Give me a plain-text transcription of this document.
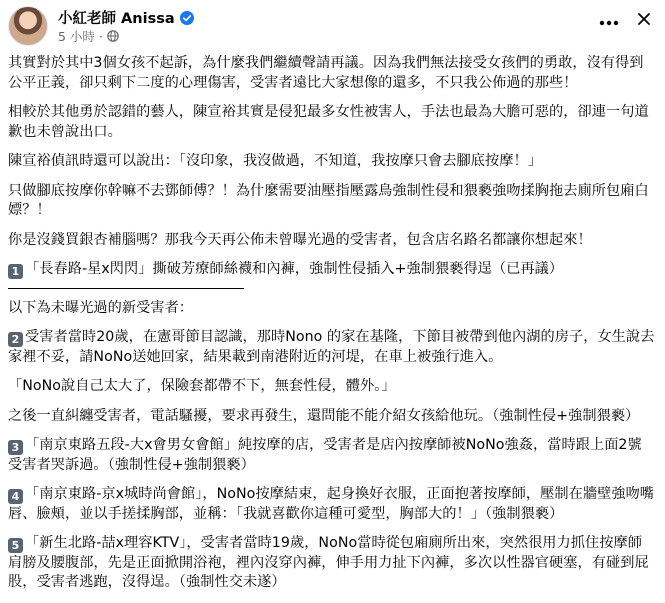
小紅老師 Anissa
5 小時 ·

其實對於其中3個女孩不起訴，為什麼我們繼續聲請再議。因為我們無法接受女孩們的勇敢，沒有得到公平正義，卻只剩下二度的心理傷害，受害者遠比大家想像的還多，不只我公佈過的那些！

相較於其他勇於認錯的藝人，陳宣裕其實是侵犯最多女性被害人，手法也最為大膽可惡的，卻連一句道歉也未曾說出口。

陳宣裕偵訊時還可以說出：「沒印象，我沒做過，不知道，我按摩只會去腳底按摩！」

只做腳底按摩你幹嘛不去鄧師傅？！為什麼需要油壓指壓露鳥強制性侵和猥褻強吻揉胸拖去廁所包廂白嫖？！

你是沒錢買銀杏補腦嗎？那我今天再公佈未曾曝光過的受害者，包含店名路名都讓你想起來！

1 「長春路-星x閃閃」撕破芳療師絲襪和內褲，強制性侵插入+強制猥褻得逞（已再議）

以下為未曝光過的新受害者：

2 受害者當時20歲，在憲哥節目認識，那時Nono 的家在基隆，下節目被帶到他內湖的房子，女生說去家裡不妥，請NoNo送她回家，結果載到南港附近的河堤，在車上被強行進入。

「NoNo說自己太大了，保險套都帶不下，無套性侵，體外。」

之後一直糾纏受害者，電話騷擾，要求再發生，還問能不能介紹女孩給他玩。（強制性侵+強制猥褻）

3 「南京東路五段-大x會男女會館」純按摩的店，受害者是店內按摩師被NoNo強姦，當時跟上面2號受害者哭訴過。（強制性侵+強制猥褻）

4 「南京東路-京x城時尚會館」，NoNo按摩結束，起身換好衣服，正面抱著按摩師，壓制在牆壁強吻嘴唇、臉頰，並以手搓揉胸部，並稱：「我就喜歡你這種可愛型，胸部大的！」（強制猥褻）

5 「新生北路-喆x理容KTV」，受害者當時19歲，NoNo當時從包廂廁所出來，突然很用力抓住按摩師肩膀及腰腹部，先是正面掀開浴袍，裡內沒穿內褲，伸手用力扯下內褲，多次以性器官硬塞，有碰到屁股，受害者逃跑，沒得逞。（強制性交未遂）
